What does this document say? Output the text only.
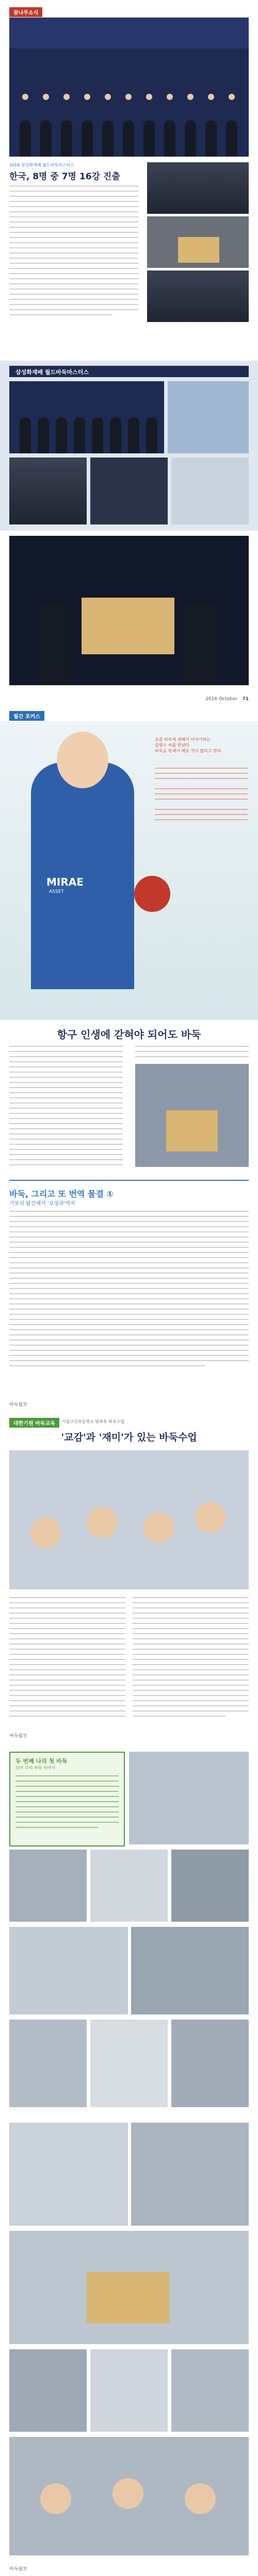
꿈나무소식
2016 삼성화재배 월드바둑마스터스
한국, 8명 중 7명 16강 진출
삼성화재배 월드바둑마스터스
2016 October 71
월간 포커스
MIRAE
ASSET
요즘 바둑에 대해서 이야기하는
김명수 씨를 만났다
바둑을 통해서 배운 것이 많다고 한다
항구 인생에 갇혀야 되어도 바둑
바둑, 그리고 또 번역 물결 ①
기보의 탑간에서 '요점과'까지
바둑월보
대한기원 바둑교육	서울고산초등학교 방과후 바둑수업
'교감'과 '재미'가 있는 바둑수업
바둑월보
두 번째 나의 첫 바둑
꼬마 나의 바둑 이야기
바둑월보
